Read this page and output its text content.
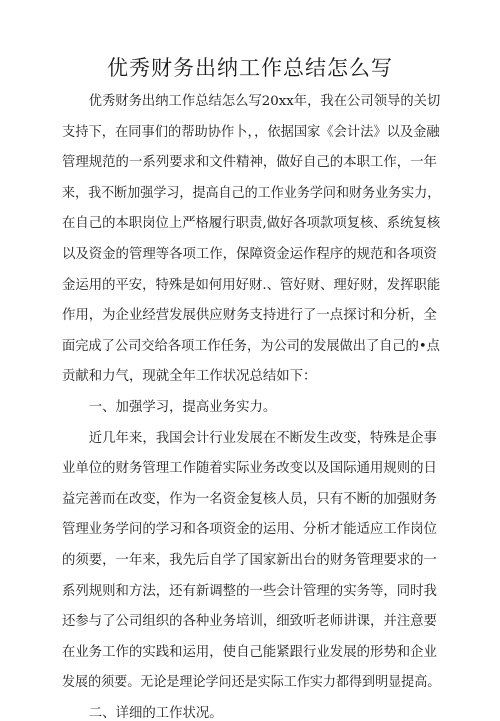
优秀财务出纳工作总结怎么写
　　优秀财务出纳工作总结怎么写20xx年，我在公司领导的关切
支持下，在同事们的帮助协作卜，，依据国家《会计法》以及金融
管理规范的一系列要求和文件精神，做好自己的本职工作，一年
来，我不断加强学习，提高自己的工作业务学问和财务业务实力，
在自己的本职岗位上严格履行职责,做好各项款项复核、系统复核
以及资金的管理等各项工作，保障资金运作程序的规范和各项资
金运用的平安，特殊是如何用好财.、管好财、理好财，发挥职能
作用，为企业经营发展供应财务支持进行了一点探讨和分析，全
面完成了公司交给各项工作任务，为公司的发展做出了自己的•点
贡献和力气，现就全年工作状况总结如下：
　　一、加强学习，提高业务实力。
　　近几年来，我国会计行业发展在不断发生改变，特殊是企事
业单位的财务管理工作随着实际业务改变以及国际通用规则的日
益完善而在改变，作为一名资金复核人员，只有不断的加强财务
管理业务学问的学习和各项资金的运用、分析才能适应工作岗位
的须要，一年来，我先后自学了国家新出台的财务管理要求的一
系列规则和方法，还有新调整的一些会计管理的实务等，同时我
还参与了公司组织的各种业务培训，细致听老师讲课，并注意要
在业务工作的实践和运用，使自己能紧跟行业发展的形势和企业
发展的须要。无论是理论学问还是实际工作实力都得到明显提高。
　　二、详细的工作状况。
